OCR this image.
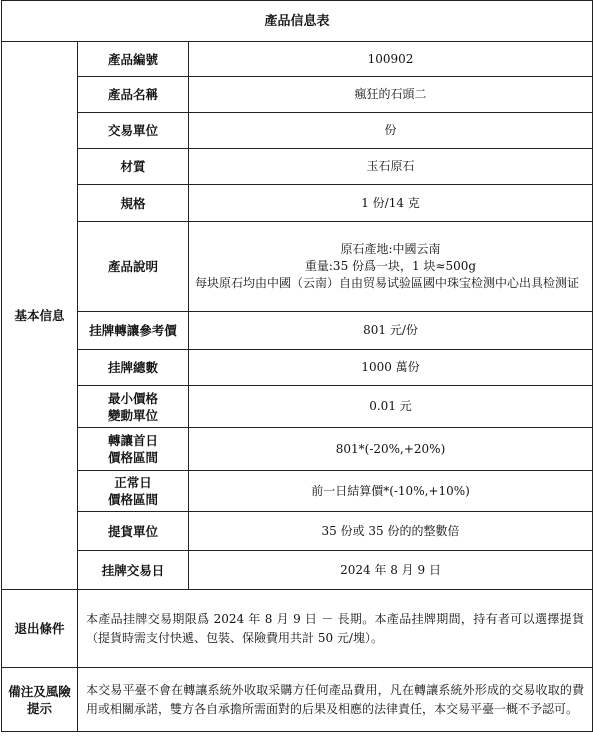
產品信息表		
基本信息	產品編號	100902
	產品名稱	瘋狂的石頭二
	交易單位	份
	材質	玉石原石
	規格	1 份/14 克
	產品說明	原石產地:中國云南
重量:35 份爲一块，1 块≈500g
每块原石均由中國（云南）自由贸易试验區國中珠宝检测中心出具检测证
	挂牌轉讓參考價	801 元/份
	挂牌總數	1000 萬份
	最小價格
變動單位	0.01 元
	轉讓首日
價格區間	801*(-20%,+20%)
	正常日
價格區間	前一日結算價*(-10%,+10%)
	提貨單位	35 份或 35 份的的整數倍
	挂牌交易日	2024 年 8 月 9 日

退出條件	本產品挂牌交易期限爲 2024 年 8 月 9 日 － 長期。本產品挂牌期間，持有者可以選擇提貨（提貨時需支付快遞、包裝、保險費用共計 50 元/塊）。	
備注及風險提示	本交易平臺不會在轉讓系統外收取采購方任何產品費用，凡在轉讓系統外形成的交易收取的費用或相關承諾，雙方各自承擔所需面對的后果及相應的法律責任，本交易平臺一概不予認可。	
